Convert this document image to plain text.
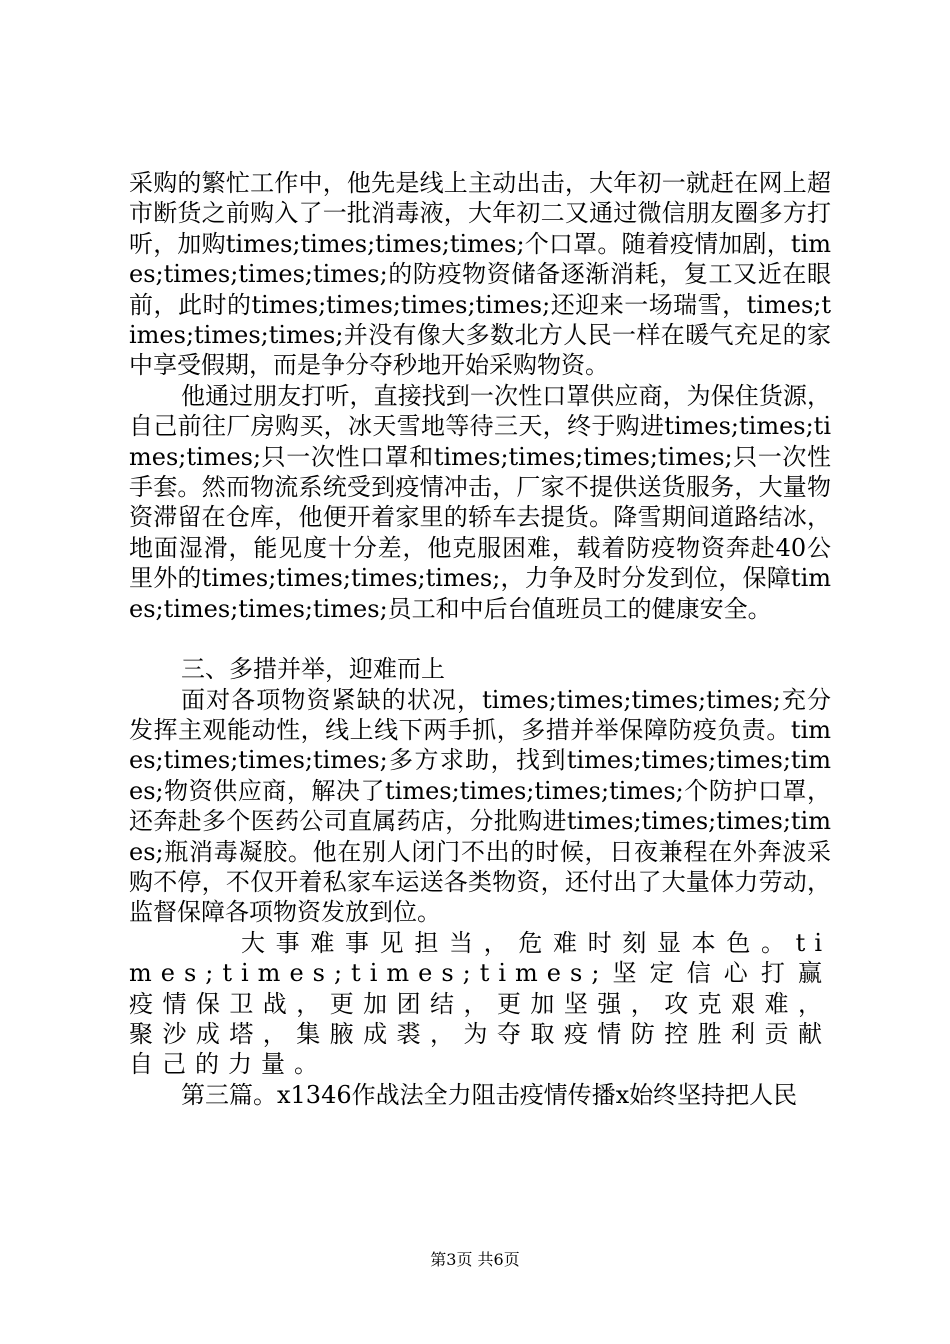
采购的繁忙工作中，他先是线上主动出击，大年初一就赶在网上超市断货之前购入了一批消毒液，大年初二又通过微信朋友圈多方打听，加购times;times;times;times;个口罩。随着疫情加剧，times;times;times;times;的防疫物资储备逐渐消耗，复工又近在眼前，此时的times;times;times;times;还迎来一场瑞雪，times;times;times;times;并没有像大多数北方人民一样在暖气充足的家中享受假期，而是争分夺秒地开始采购物资。

他通过朋友打听，直接找到一次性口罩供应商，为保住货源，自己前往厂房购买，冰天雪地等待三天，终于购进times;times;times;times;只一次性口罩和times;times;times;times;只一次性手套。然而物流系统受到疫情冲击，厂家不提供送货服务，大量物资滞留在仓库，他便开着家里的轿车去提货。降雪期间道路结冰，地面湿滑，能见度十分差，他克服困难，载着防疫物资奔赴40公里外的times;times;times;times;，力争及时分发到位，保障times;times;times;times;员工和中后台值班员工的健康安全。

三、多措并举，迎难而上

面对各项物资紧缺的状况，times;times;times;times;充分发挥主观能动性，线上线下两手抓，多措并举保障防疫负责。times;times;times;times;多方求助，找到times;times;times;times;物资供应商，解决了times;times;times;times;个防护口罩，还奔赴多个医药公司直属药店，分批购进times;times;times;times;瓶消毒凝胶。他在别人闭门不出的时候，日夜兼程在外奔波采购不停，不仅开着私家车运送各类物资，还付出了大量体力劳动，监督保障各项物资发放到位。

大事难事见担当，危难时刻显本色。times;times;times;times;坚定信心打赢疫情保卫战，更加团结，更加坚强，攻克艰难，聚沙成塔，集腋成裘，为夺取疫情防控胜利贡献自己的力量。

第三篇。x1346作战法全力阻击疫情传播x始终坚持把人民

第3页 共6页
